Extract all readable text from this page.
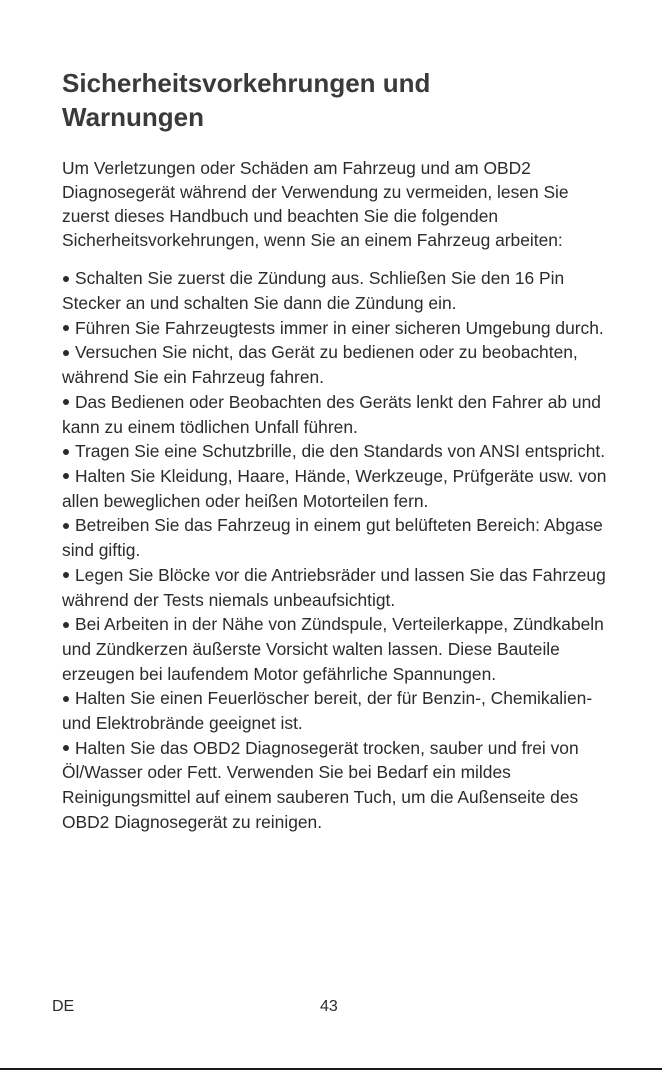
Sicherheitsvorkehrungen und
Warnungen

Um Verletzungen oder Schäden am Fahrzeug und am OBD2 Diagnosegerät während der Verwendung zu vermeiden, lesen Sie zuerst dieses Handbuch und beachten Sie die folgenden Sicherheitsvorkehrungen, wenn Sie an einem Fahrzeug arbeiten:

Schalten Sie zuerst die Zündung aus. Schließen Sie den 16 Pin Stecker an und schalten Sie dann die Zündung ein.
Führen Sie Fahrzeugtests immer in einer sicheren Umgebung durch.
Versuchen Sie nicht, das Gerät zu bedienen oder zu beobachten, während Sie ein Fahrzeug fahren.
Das Bedienen oder Beobachten des Geräts lenkt den Fahrer ab und kann zu einem tödlichen Unfall führen.
Tragen Sie eine Schutzbrille, die den Standards von ANSI entspricht.
Halten Sie Kleidung, Haare, Hände, Werkzeuge, Prüfgeräte usw. von allen beweglichen oder heißen Motorteilen fern.
Betreiben Sie das Fahrzeug in einem gut belüfteten Bereich: Abgase sind giftig.
Legen Sie Blöcke vor die Antriebsräder und lassen Sie das Fahrzeug während der Tests niemals unbeaufsichtigt.
Bei Arbeiten in der Nähe von Zündspule, Verteilerkappe, Zündkabeln und Zündkerzen äußerste Vorsicht walten lassen. Diese Bauteile erzeugen bei laufendem Motor gefährliche Spannungen.
Halten Sie einen Feuerlöscher bereit, der für Benzin-, Chemikalien- und Elektrobrände geeignet ist.
Halten Sie das OBD2 Diagnosegerät trocken, sauber und frei von Öl/Wasser oder Fett. Verwenden Sie bei Bedarf ein mildes Reinigungsmittel auf einem sauberen Tuch, um die Außenseite des OBD2 Diagnosegerät zu reinigen.
DE	43
